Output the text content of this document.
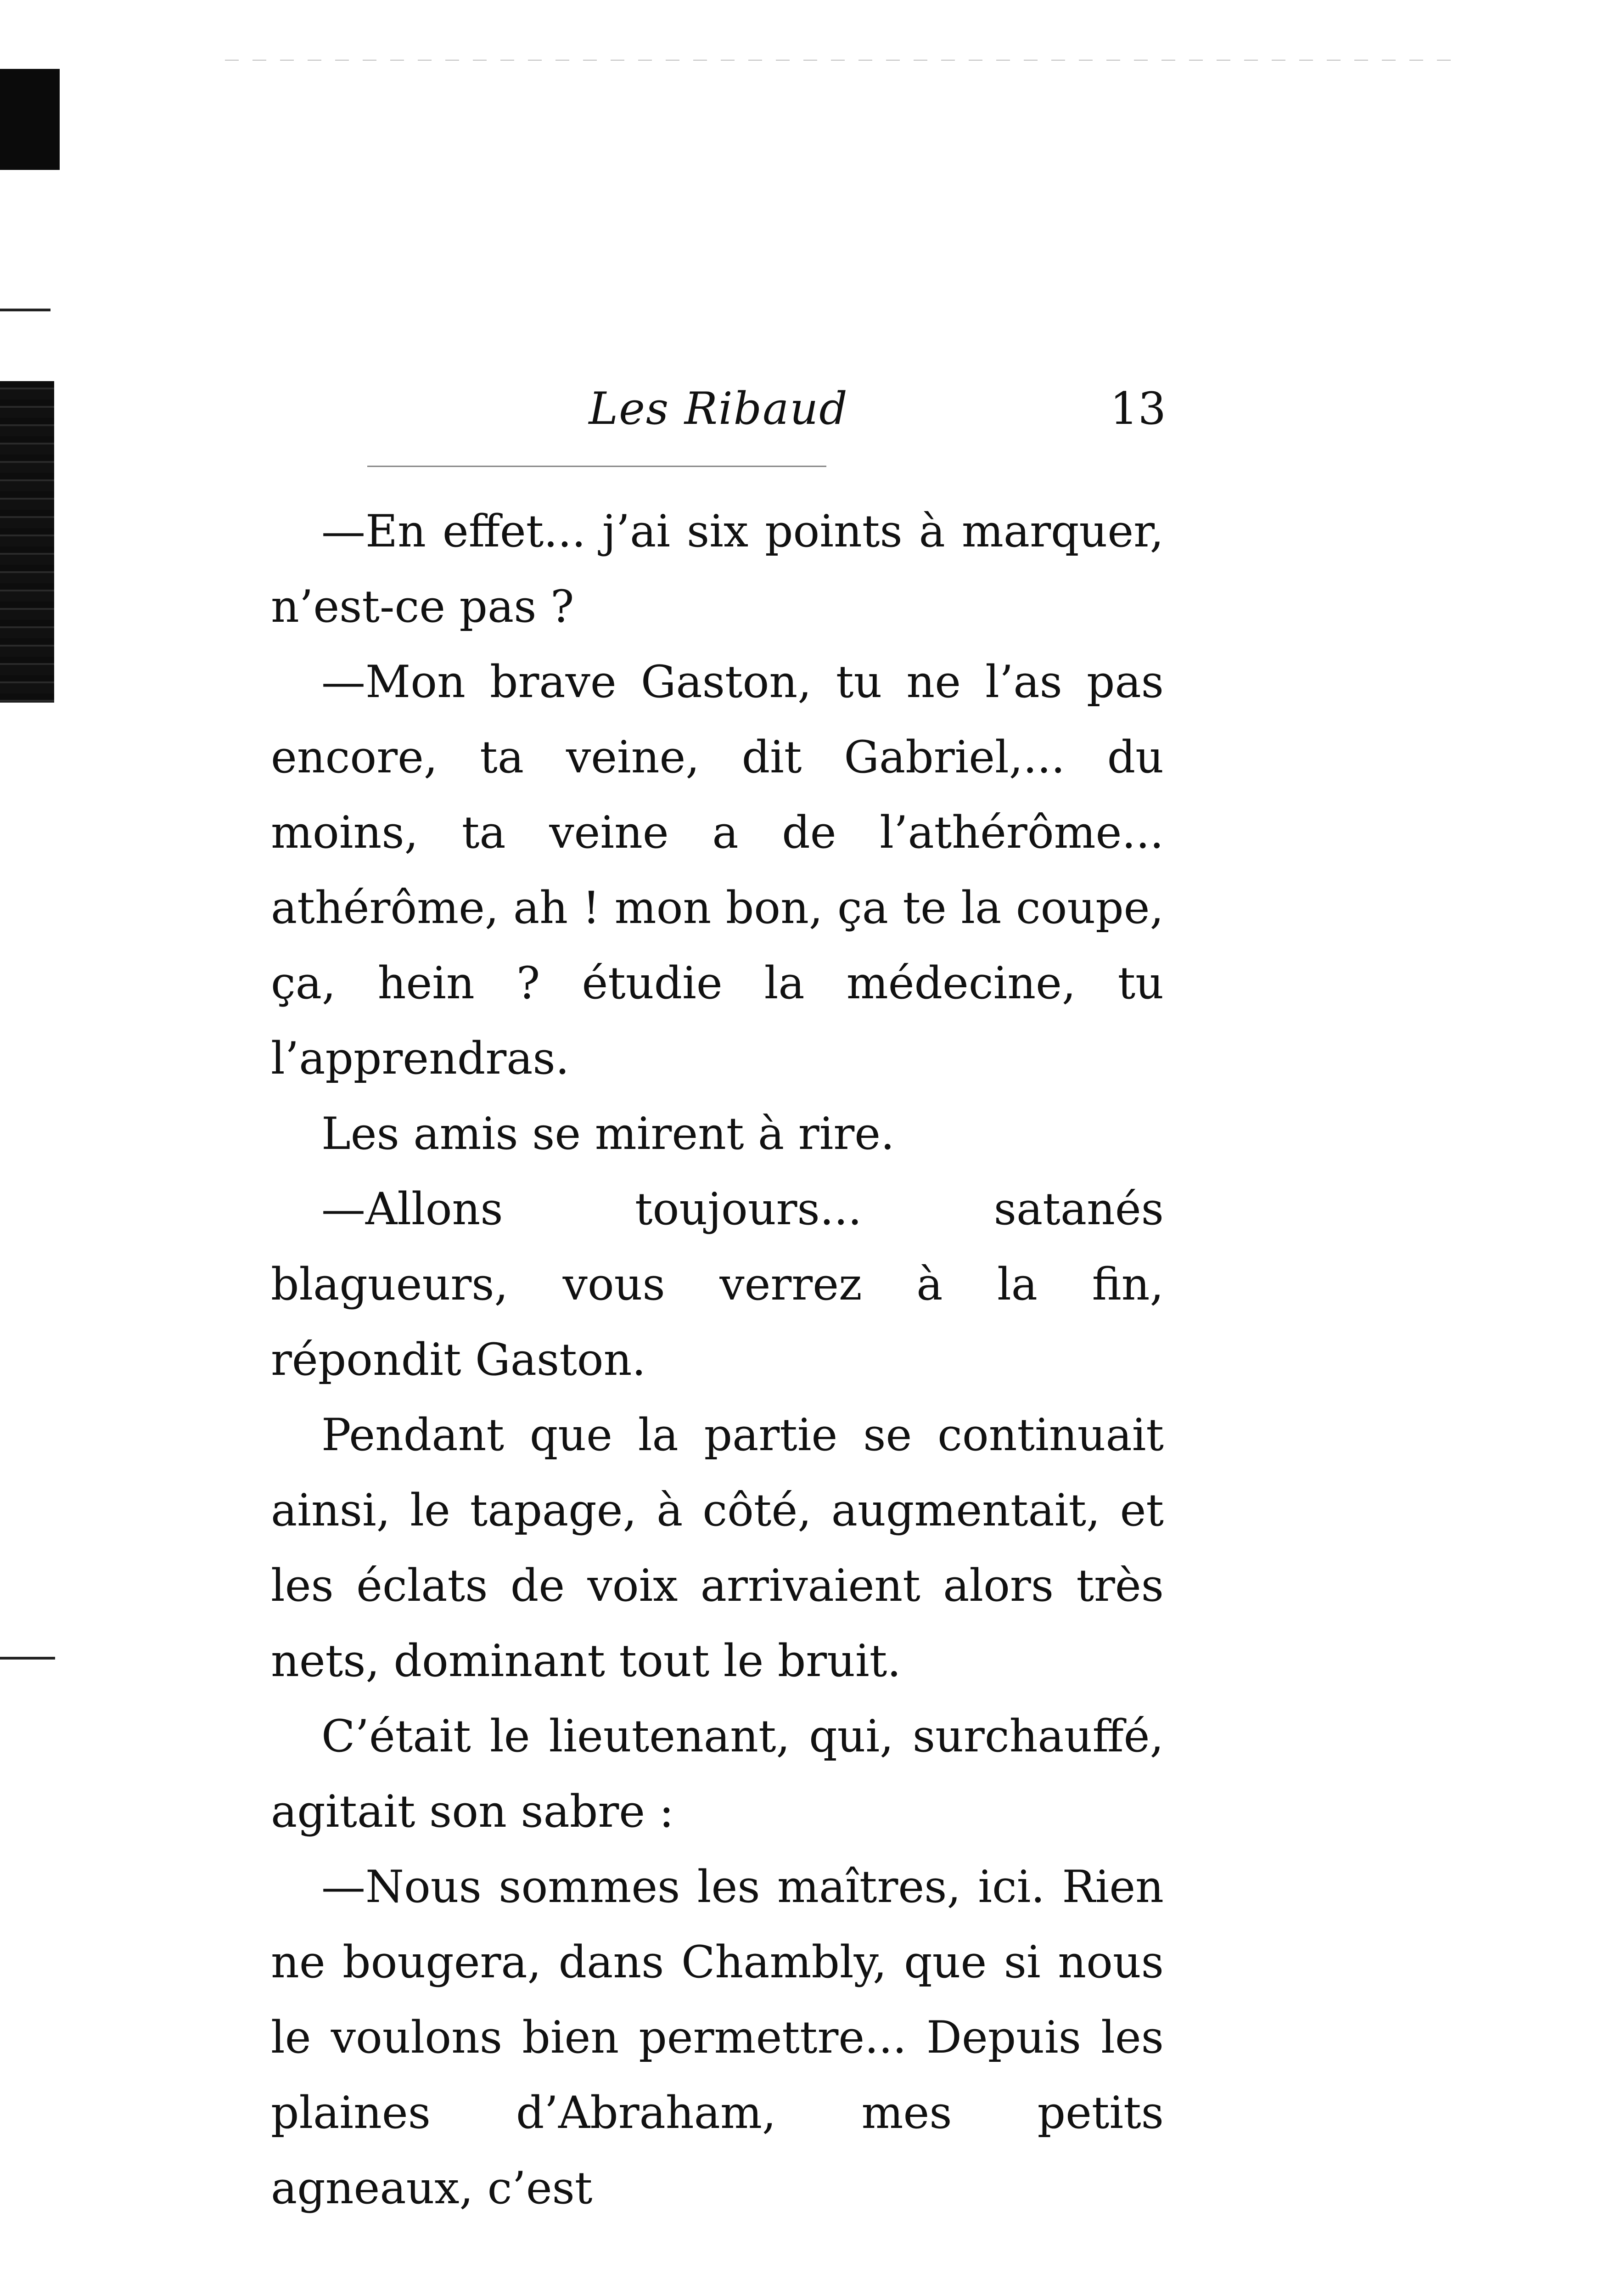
Les Ribaud	13

—En effet... j’ai six points à marquer, n’est-ce pas ?

—Mon brave Gaston, tu ne l’as pas encore, ta veine, dit Gabriel,... du moins, ta veine a de l’athérôme... athérôme, ah ! mon bon, ça te la coupe, ça, hein ? étudie la médecine, tu l’apprendras.

Les amis se mirent à rire.

—Allons toujours... satanés blagueurs, vous verrez à la fin, répondit Gaston.

Pendant que la partie se continuait ainsi, le tapage, à côté, augmentait, et les éclats de voix arrivaient alors très nets, dominant tout le bruit.

C’était le lieutenant, qui, surchauffé, agitait son sabre :

—Nous sommes les maîtres, ici. Rien ne bougera, dans Chambly, que si nous le voulons bien permettre... Depuis les plaines d’Abraham, mes petits agneaux, c’est
